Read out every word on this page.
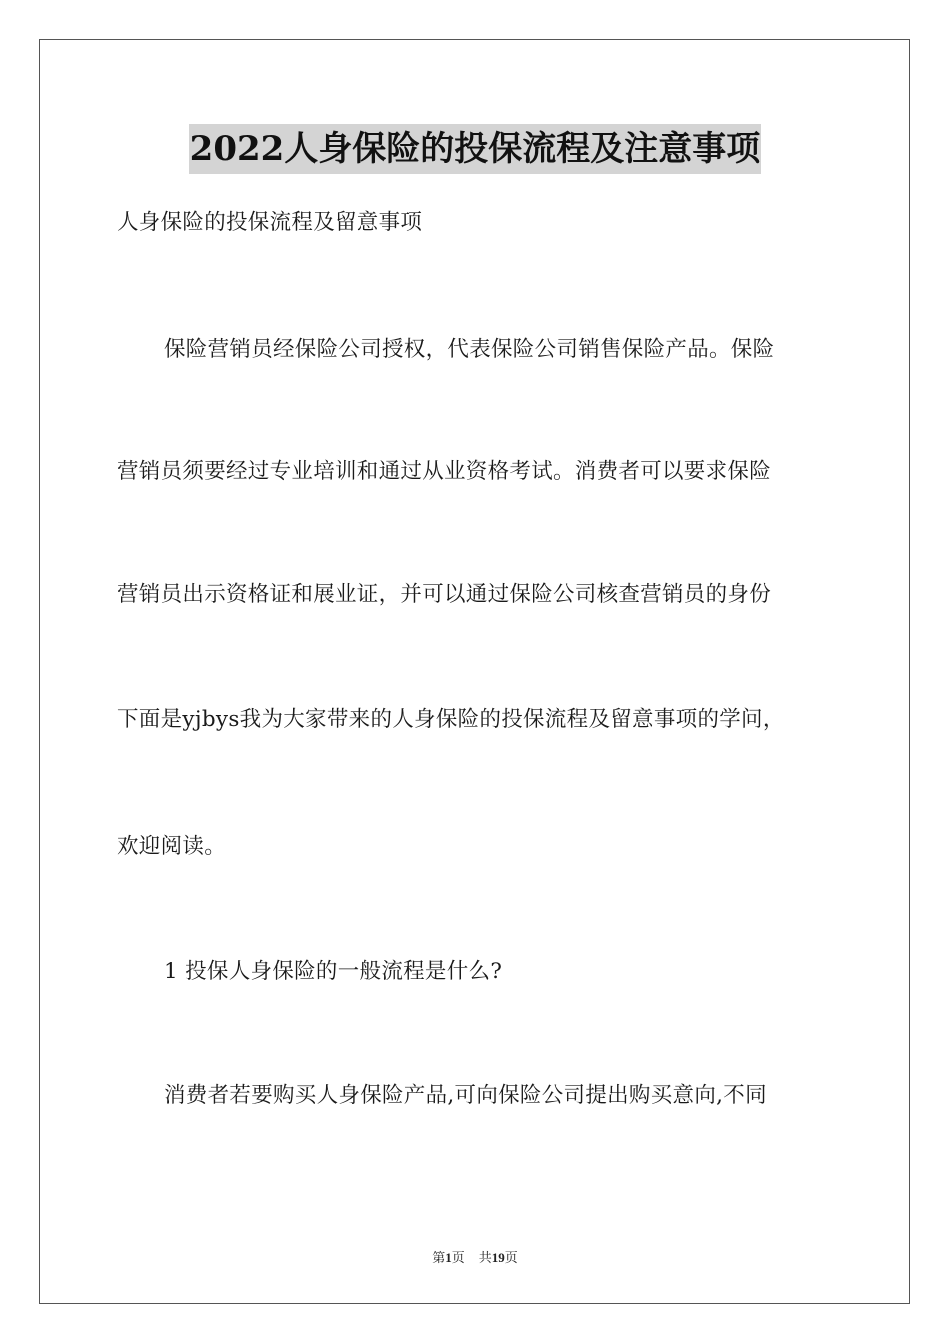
2022人身保险的投保流程及注意事项

人身保险的投保流程及留意事项

保险营销员经保险公司授权，代表保险公司销售保险产品。保险

营销员须要经过专业培训和通过从业资格考试。消费者可以要求保险

营销员出示资格证和展业证，并可以通过保险公司核查营销员的身份

下面是yjbys我为大家带来的人身保险的投保流程及留意事项的学问，

欢迎阅读。

1 投保人身保险的一般流程是什么?

消费者若要购买人身保险产品,可向保险公司提出购买意向,不同

第1页 共19页
